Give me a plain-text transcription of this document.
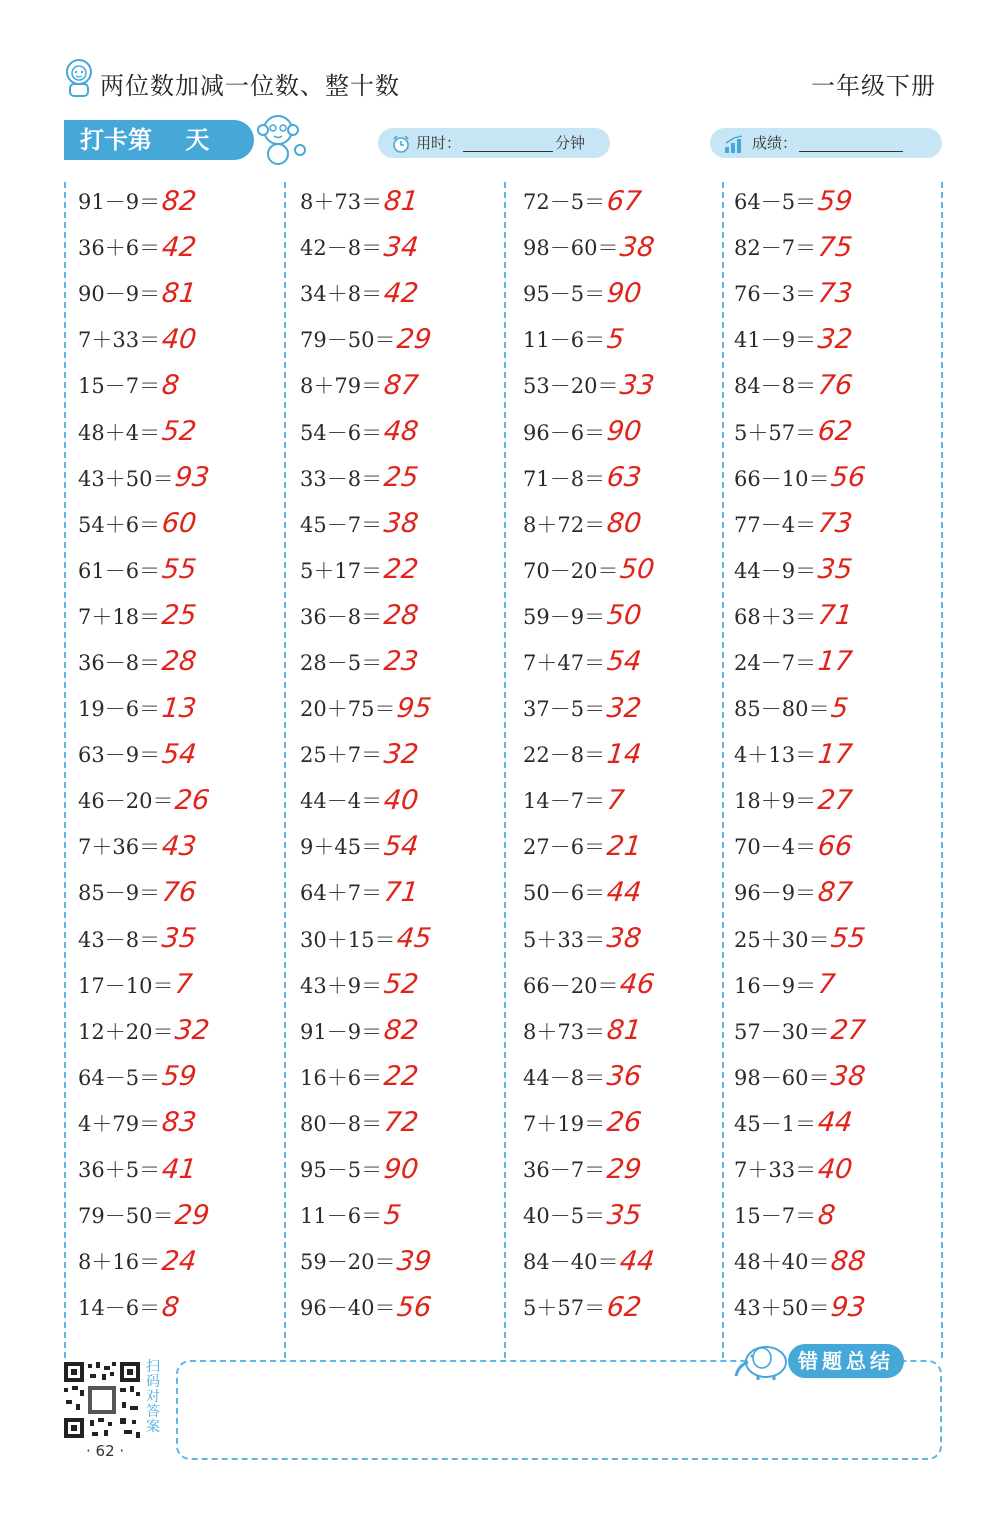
两位数加减一位数、整十数	一年级下册
打卡第    天	用时：	分钟	成绩：
91－9＝ 82
36＋6＝ 42
90－9＝ 81
7＋33＝ 40
15－7＝ 8
48＋4＝ 52
43＋50＝ 93
54＋6＝ 60
61－6＝ 55
7＋18＝ 25
36－8＝ 28
19－6＝ 13
63－9＝ 54
46－20＝ 26
7＋36＝ 43
85－9＝ 76
43－8＝ 35
17－10＝ 7
12＋20＝ 32
64－5＝ 59
4＋79＝ 83
36＋5＝ 41
79－50＝ 29
8＋16＝ 24
14－6＝ 8
8＋73＝ 81
42－8＝ 34
34＋8＝ 42
79－50＝ 29
8＋79＝ 87
54－6＝ 48
33－8＝ 25
45－7＝ 38
5＋17＝ 22
36－8＝ 28
28－5＝ 23
20＋75＝ 95
25＋7＝ 32
44－4＝ 40
9＋45＝ 54
64＋7＝ 71
30＋15＝ 45
43＋9＝ 52
91－9＝ 82
16＋6＝ 22
80－8＝ 72
95－5＝ 90
11－6＝ 5
59－20＝ 39
96－40＝ 56
72－5＝ 67
98－60＝ 38
95－5＝ 90
11－6＝ 5
53－20＝ 33
96－6＝ 90
71－8＝ 63
8＋72＝ 80
70－20＝ 50
59－9＝ 50
7＋47＝ 54
37－5＝ 32
22－8＝ 14
14－7＝ 7
27－6＝ 21
50－6＝ 44
5＋33＝ 38
66－20＝ 46
8＋73＝ 81
44－8＝ 36
7＋19＝ 26
36－7＝ 29
40－5＝ 35
84－40＝ 44
5＋57＝ 62
64－5＝ 59
82－7＝ 75
76－3＝ 73
41－9＝ 32
84－8＝ 76
5＋57＝ 62
66－10＝ 56
77－4＝ 73
44－9＝ 35
68＋3＝ 71
24－7＝ 17
85－80＝ 5
4＋13＝ 17
18＋9＝ 27
70－4＝ 66
96－9＝ 87
25＋30＝ 55
16－9＝ 7
57－30＝ 27
98－60＝ 38
45－1＝ 44
7＋33＝ 40
15－7＝ 8
48＋40＝ 88
43＋50＝ 93
扫码对答案
· 62 ·
错题总结
